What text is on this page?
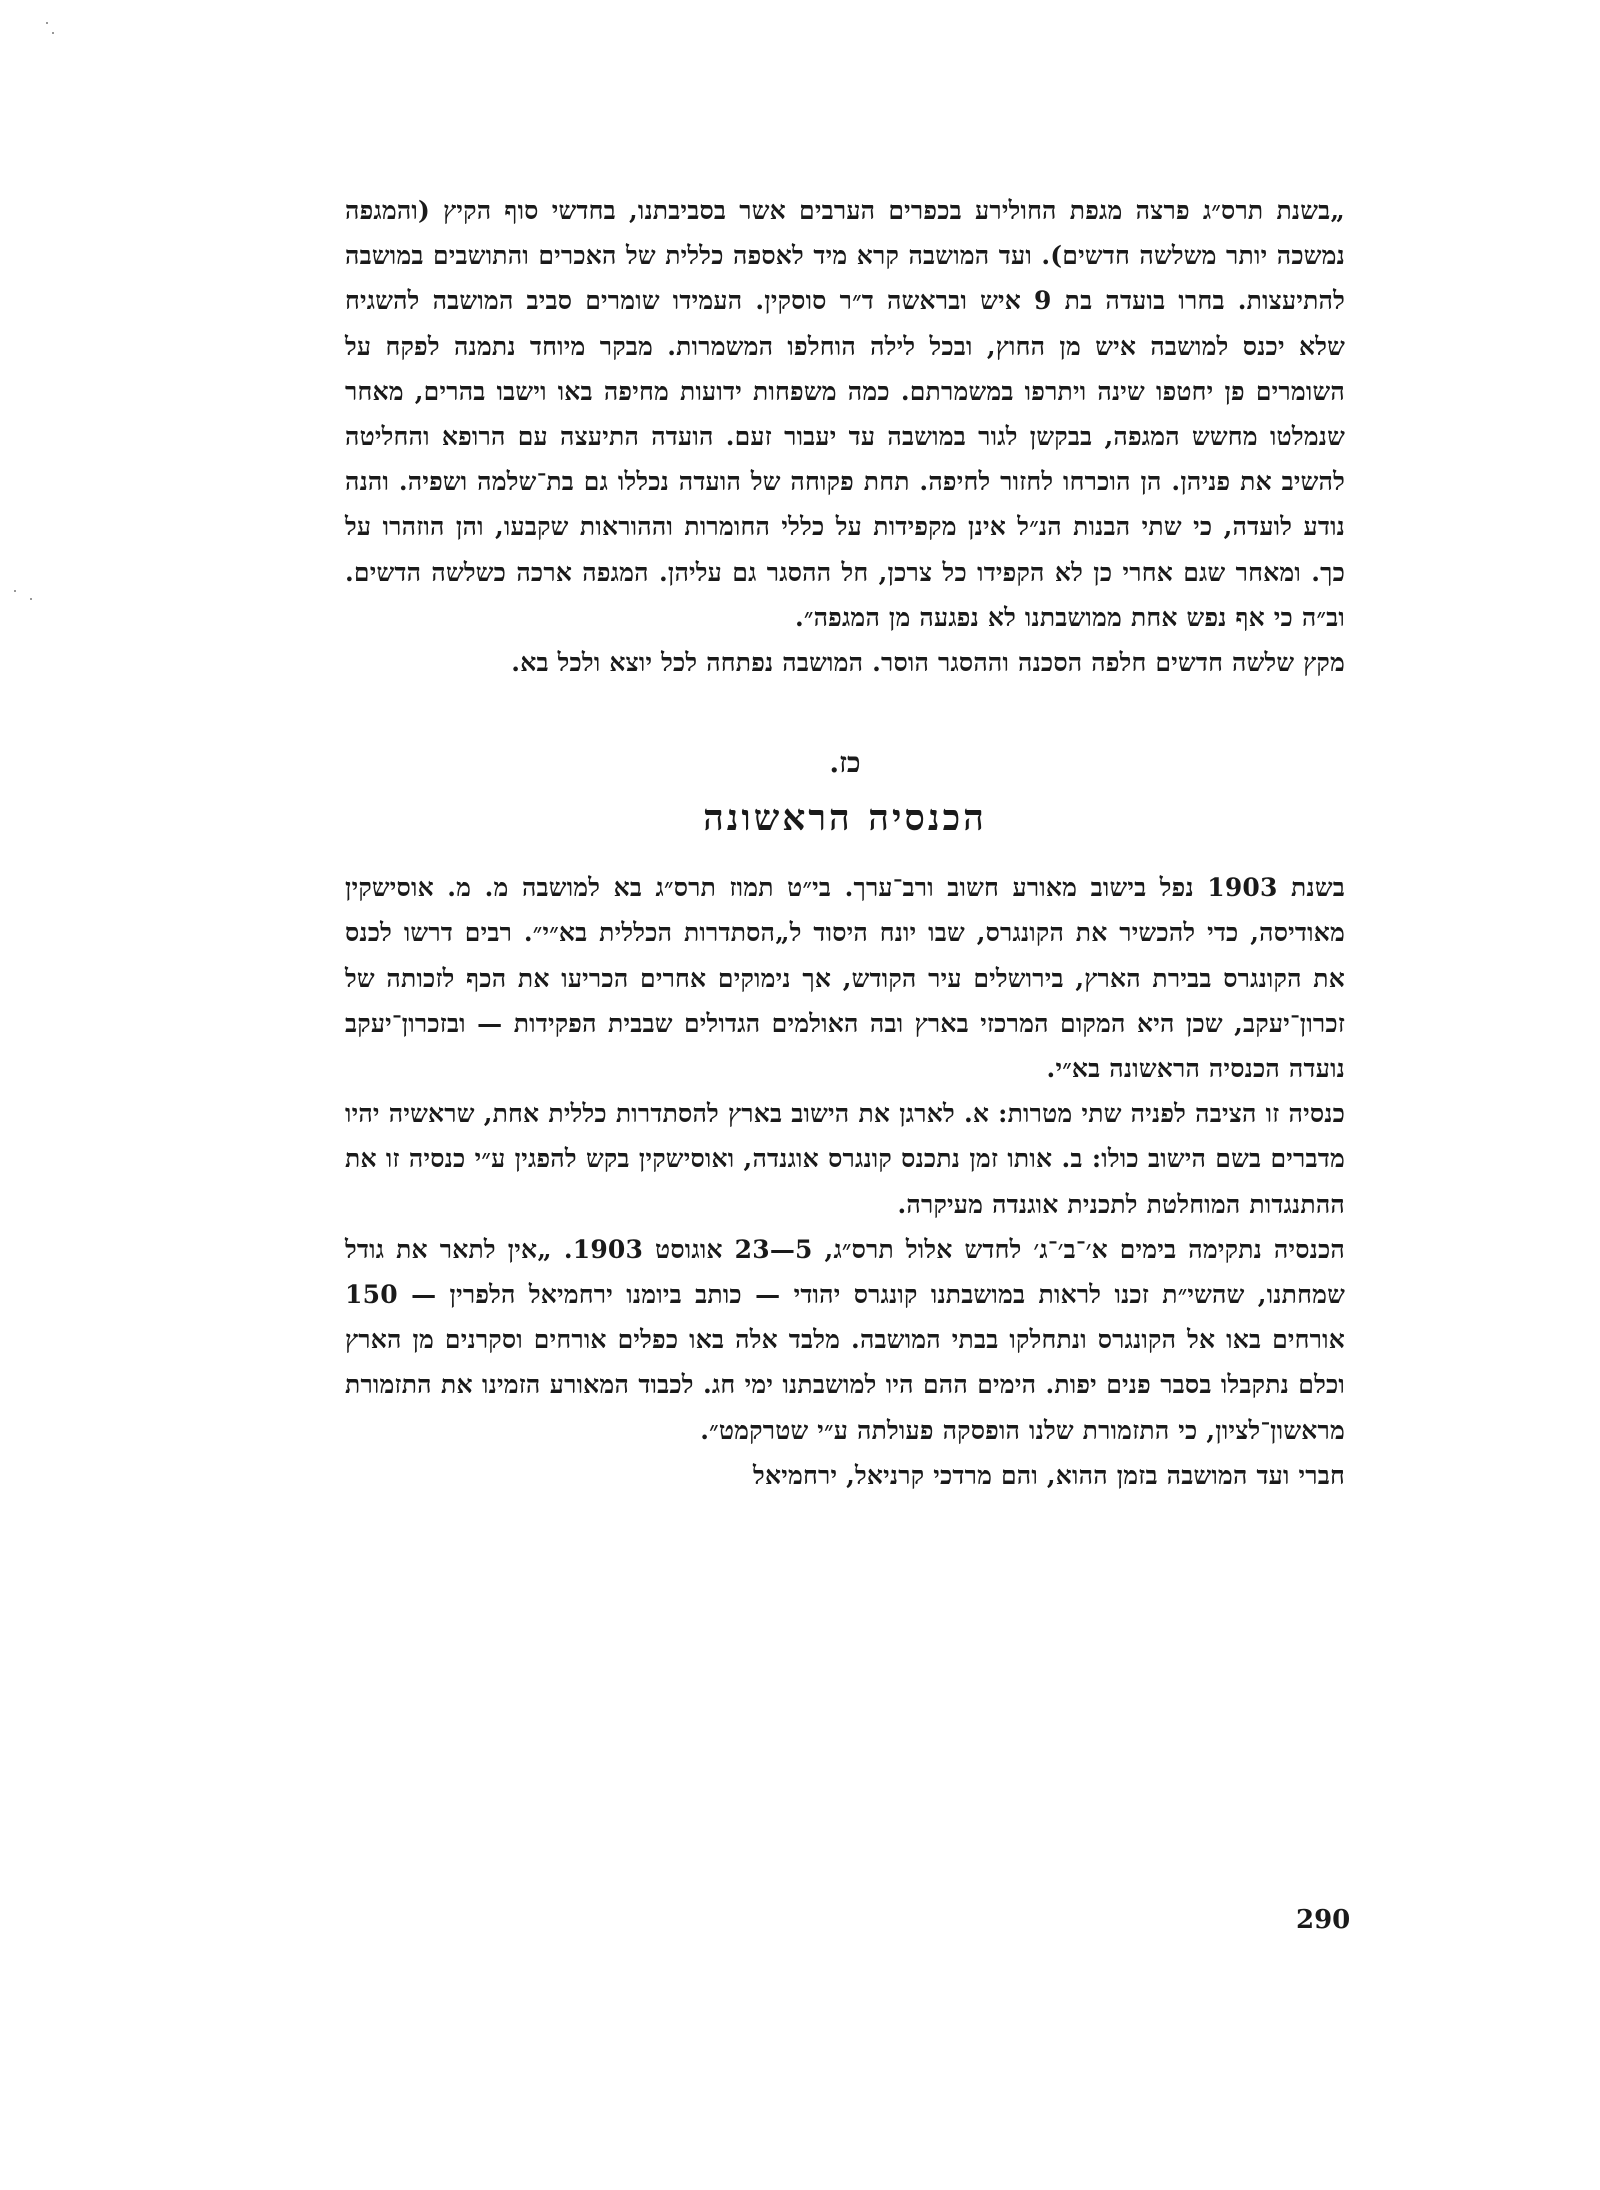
„בשנת תרס״ג פרצה מגפת החולירע בכפרים הערבים אשר בסביבתנו, בחדשי סוף הקיץ (והמגפה נמשכה יותר משלשה חדשים). ועד המושבה קרא מיד לאספה כללית של האכרים והתושבים במושבה להתיעצות. בחרו בועדה בת 9 איש ובראשה ד״ר סוסקין. העמידו שומרים סביב המושבה להשגיח שלא יכנס למושבה איש מן החוץ, ובכל לילה הוחלפו המשמרות. מבקר מיוחד נתמנה לפקח על השומרים פן יחטפו שינה ויתרפו במשמרתם. כמה משפחות ידועות מחיפה באו וישבו בהרים, מאחר שנמלטו מחשש המגפה, בבקשן לגור במושבה עד יעבור זעם. הועדה התיעצה עם הרופא והחליטה להשיב את פניהן. הן הוכרחו לחזור לחיפה. תחת פקוחה של הועדה נכללו גם בת־שלמה ושפיה. והנה נודע לועדה, כי שתי הבנות הנ״ל אינן מקפידות על כללי החומרות וההוראות שקבעו, והן הוזהרו על כך. ומאחר שגם אחרי כן לא הקפידו כל צרכן, חל ההסגר גם עליהן. המגפה ארכה כשלשה הדשים. וב״ה כי אף נפש אחת ממושבתנו לא נפגעה מן המגפה״.

מקץ שלשה חדשים חלפה הסכנה וההסגר הוסר. המושבה נפתחה לכל יוצא ולכל בא.

כז.
הכנסיה הראשונה

בשנת 1903 נפל בישוב מאורע חשוב ורב־ערך. בי״ט תמוז תרס״ג בא למושבה מ. מ. אוסישקין מאודיסה, כדי להכשיר את הקונגרס, שבו יונח היסוד ל„הסתדרות הכללית בא״י״. רבים דרשו לכנס את הקונגרס בבירת הארץ, בירושלים עיר הקודש, אך נימוקים אחרים הכריעו את הכף לזכותה של זכרון־יעקב, שכן היא המקום המרכזי בארץ ובה האולמים הגדולים שבבית הפקידות — ובזכרון־יעקב נועדה הכנסיה הראשונה בא״י.

כנסיה זו הציבה לפניה שתי מטרות: א. לארגן את הישוב בארץ להסתדרות כללית אחת, שראשיה יהיו מדברים בשם הישוב כולו: ב. אותו זמן נתכנס קונגרס אוגנדה, ואוסישקין בקש להפגין ע״י כנסיה זו את ההתנגדות המוחלטת לתכנית אוגנדה מעיקרה.

הכנסיה נתקימה בימים א׳־ב׳־ג׳ לחדש אלול תרס״ג, 5—23 אוגוסט 1903. „אין לתאר את גודל שמחתנו, שהשי״ת זכנו לראות במושבתנו קונגרס יהודי — כותב ביומנו ירחמיאל הלפרין — 150 אורחים באו אל הקונגרס ונתחלקו בבתי המושבה. מלבד אלה באו כפלים אורחים וסקרנים מן הארץ וכלם נתקבלו בסבר פנים יפות. הימים ההם היו למושבתנו ימי חג. לכבוד המאורע הזמינו את התזמורת מראשון־לציון, כי התזמורת שלנו הופסקה פעולתה ע״י שטרקמט״.

חברי ועד המושבה בזמן ההוא, והם מרדכי קרניאל, ירחמיאל

290
